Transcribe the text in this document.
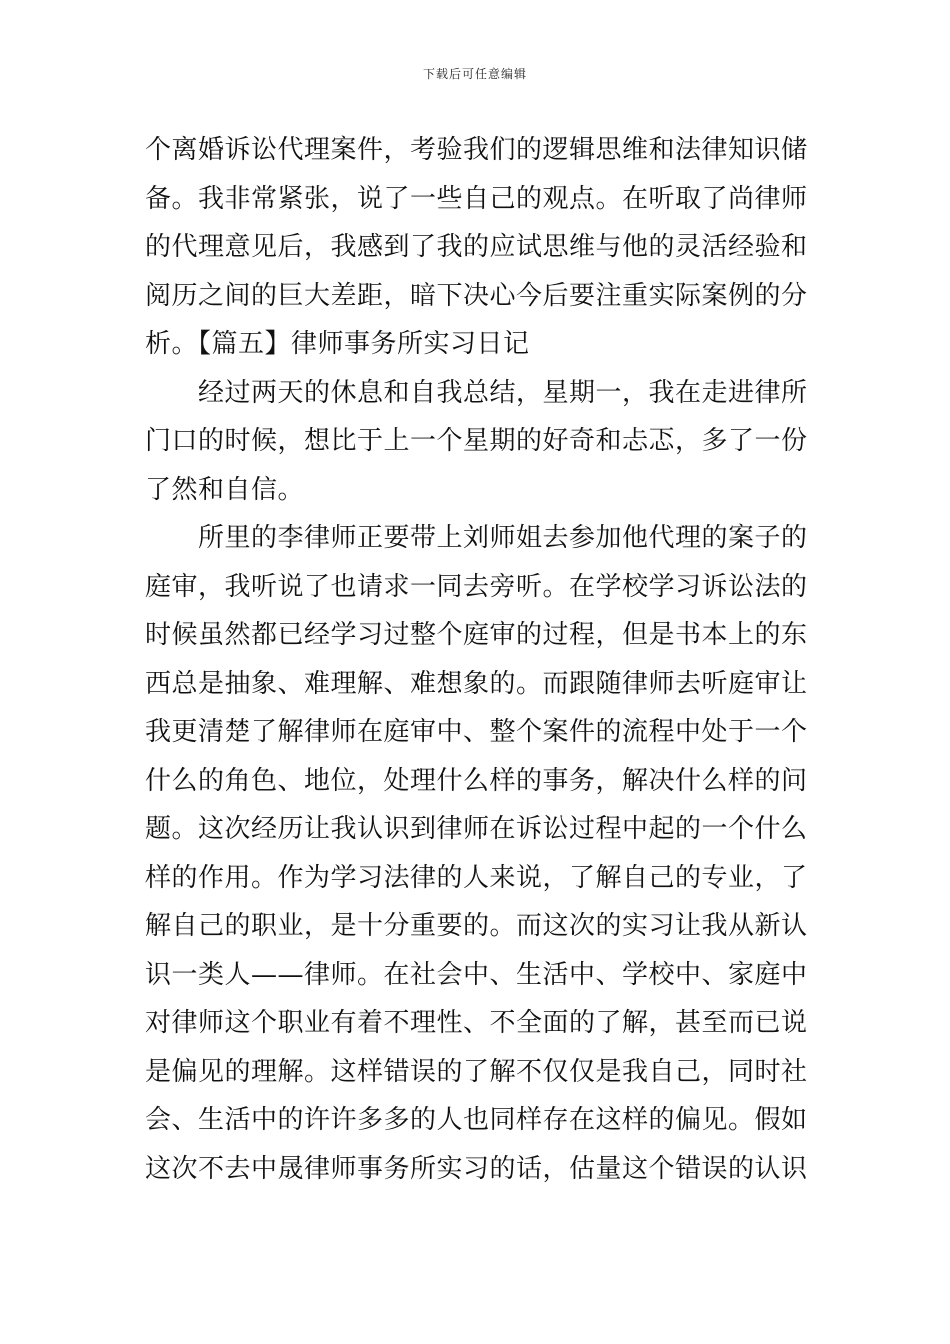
下载后可任意编辑
个离婚诉讼代理案件，考验我们的逻辑思维和法律知识储
备。我非常紧张，说了一些自己的观点。在听取了尚律师
的代理意见后，我感到了我的应试思维与他的灵活经验和
阅历之间的巨大差距，暗下决心今后要注重实际案例的分
析。【篇五】律师事务所实习日记
　　经过两天的休息和自我总结，星期一，我在走进律所
门口的时候，想比于上一个星期的好奇和忐忑，多了一份
了然和自信。
　　所里的李律师正要带上刘师姐去参加他代理的案子的
庭审，我听说了也请求一同去旁听。在学校学习诉讼法的
时候虽然都已经学习过整个庭审的过程，但是书本上的东
西总是抽象、难理解、难想象的。而跟随律师去听庭审让
我更清楚了解律师在庭审中、整个案件的流程中处于一个
什么的角色、地位，处理什么样的事务，解决什么样的问
题。这次经历让我认识到律师在诉讼过程中起的一个什么
样的作用。作为学习法律的人来说，了解自己的专业，了
解自己的职业，是十分重要的。而这次的实习让我从新认
识一类人——律师。在社会中、生活中、学校中、家庭中
对律师这个职业有着不理性、不全面的了解，甚至而已说
是偏见的理解。这样错误的了解不仅仅是我自己，同时社
会、生活中的许许多多的人也同样存在这样的偏见。假如
这次不去中晟律师事务所实习的话，估量这个错误的认识
